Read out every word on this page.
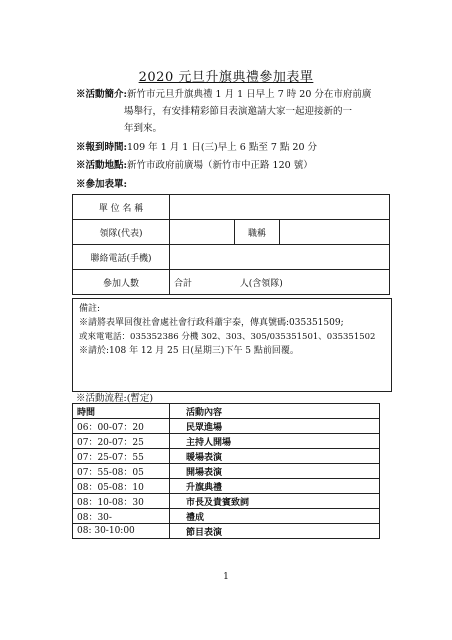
2020 元旦升旗典禮參加表單
※活動簡介:新竹市元旦升旗典禮 1 月 1 日早上 7 時 20 分在市府前廣
場舉行，有安排精彩節目表演邀請大家一起迎接新的一
年到來。
※報到時間:109 年 1 月 1 日(三)早上 6 點至 7 點 20 分
※活動地點:新竹市政府前廣場（新竹市中正路 120 號）
※參加表單:
單 位 名 稱			
領隊(代表)		職稱	
聯絡電話(手機)			
參加人數	合計 人(含領隊)		
備註:
※請將表單回復社會處社會行政科蕭宇泰，傳真號碼:035351509;
或來電電話：035352386 分機 302、303、305/035351501、035351502
※請於:108 年 12 月 25 日(星期三)下午 5 點前回覆。
※活動流程:(暫定)
時間	活動內容
06：00-07：20	民眾進場
07：20-07：25	主持人開場
07：25-07：55	暖場表演
07：55-08：05	開場表演
08：05-08：10	升旗典禮
08：10-08：30	市長及貴賓致詞
08：30-	禮成
08: 30-10:00	節目表演
1
